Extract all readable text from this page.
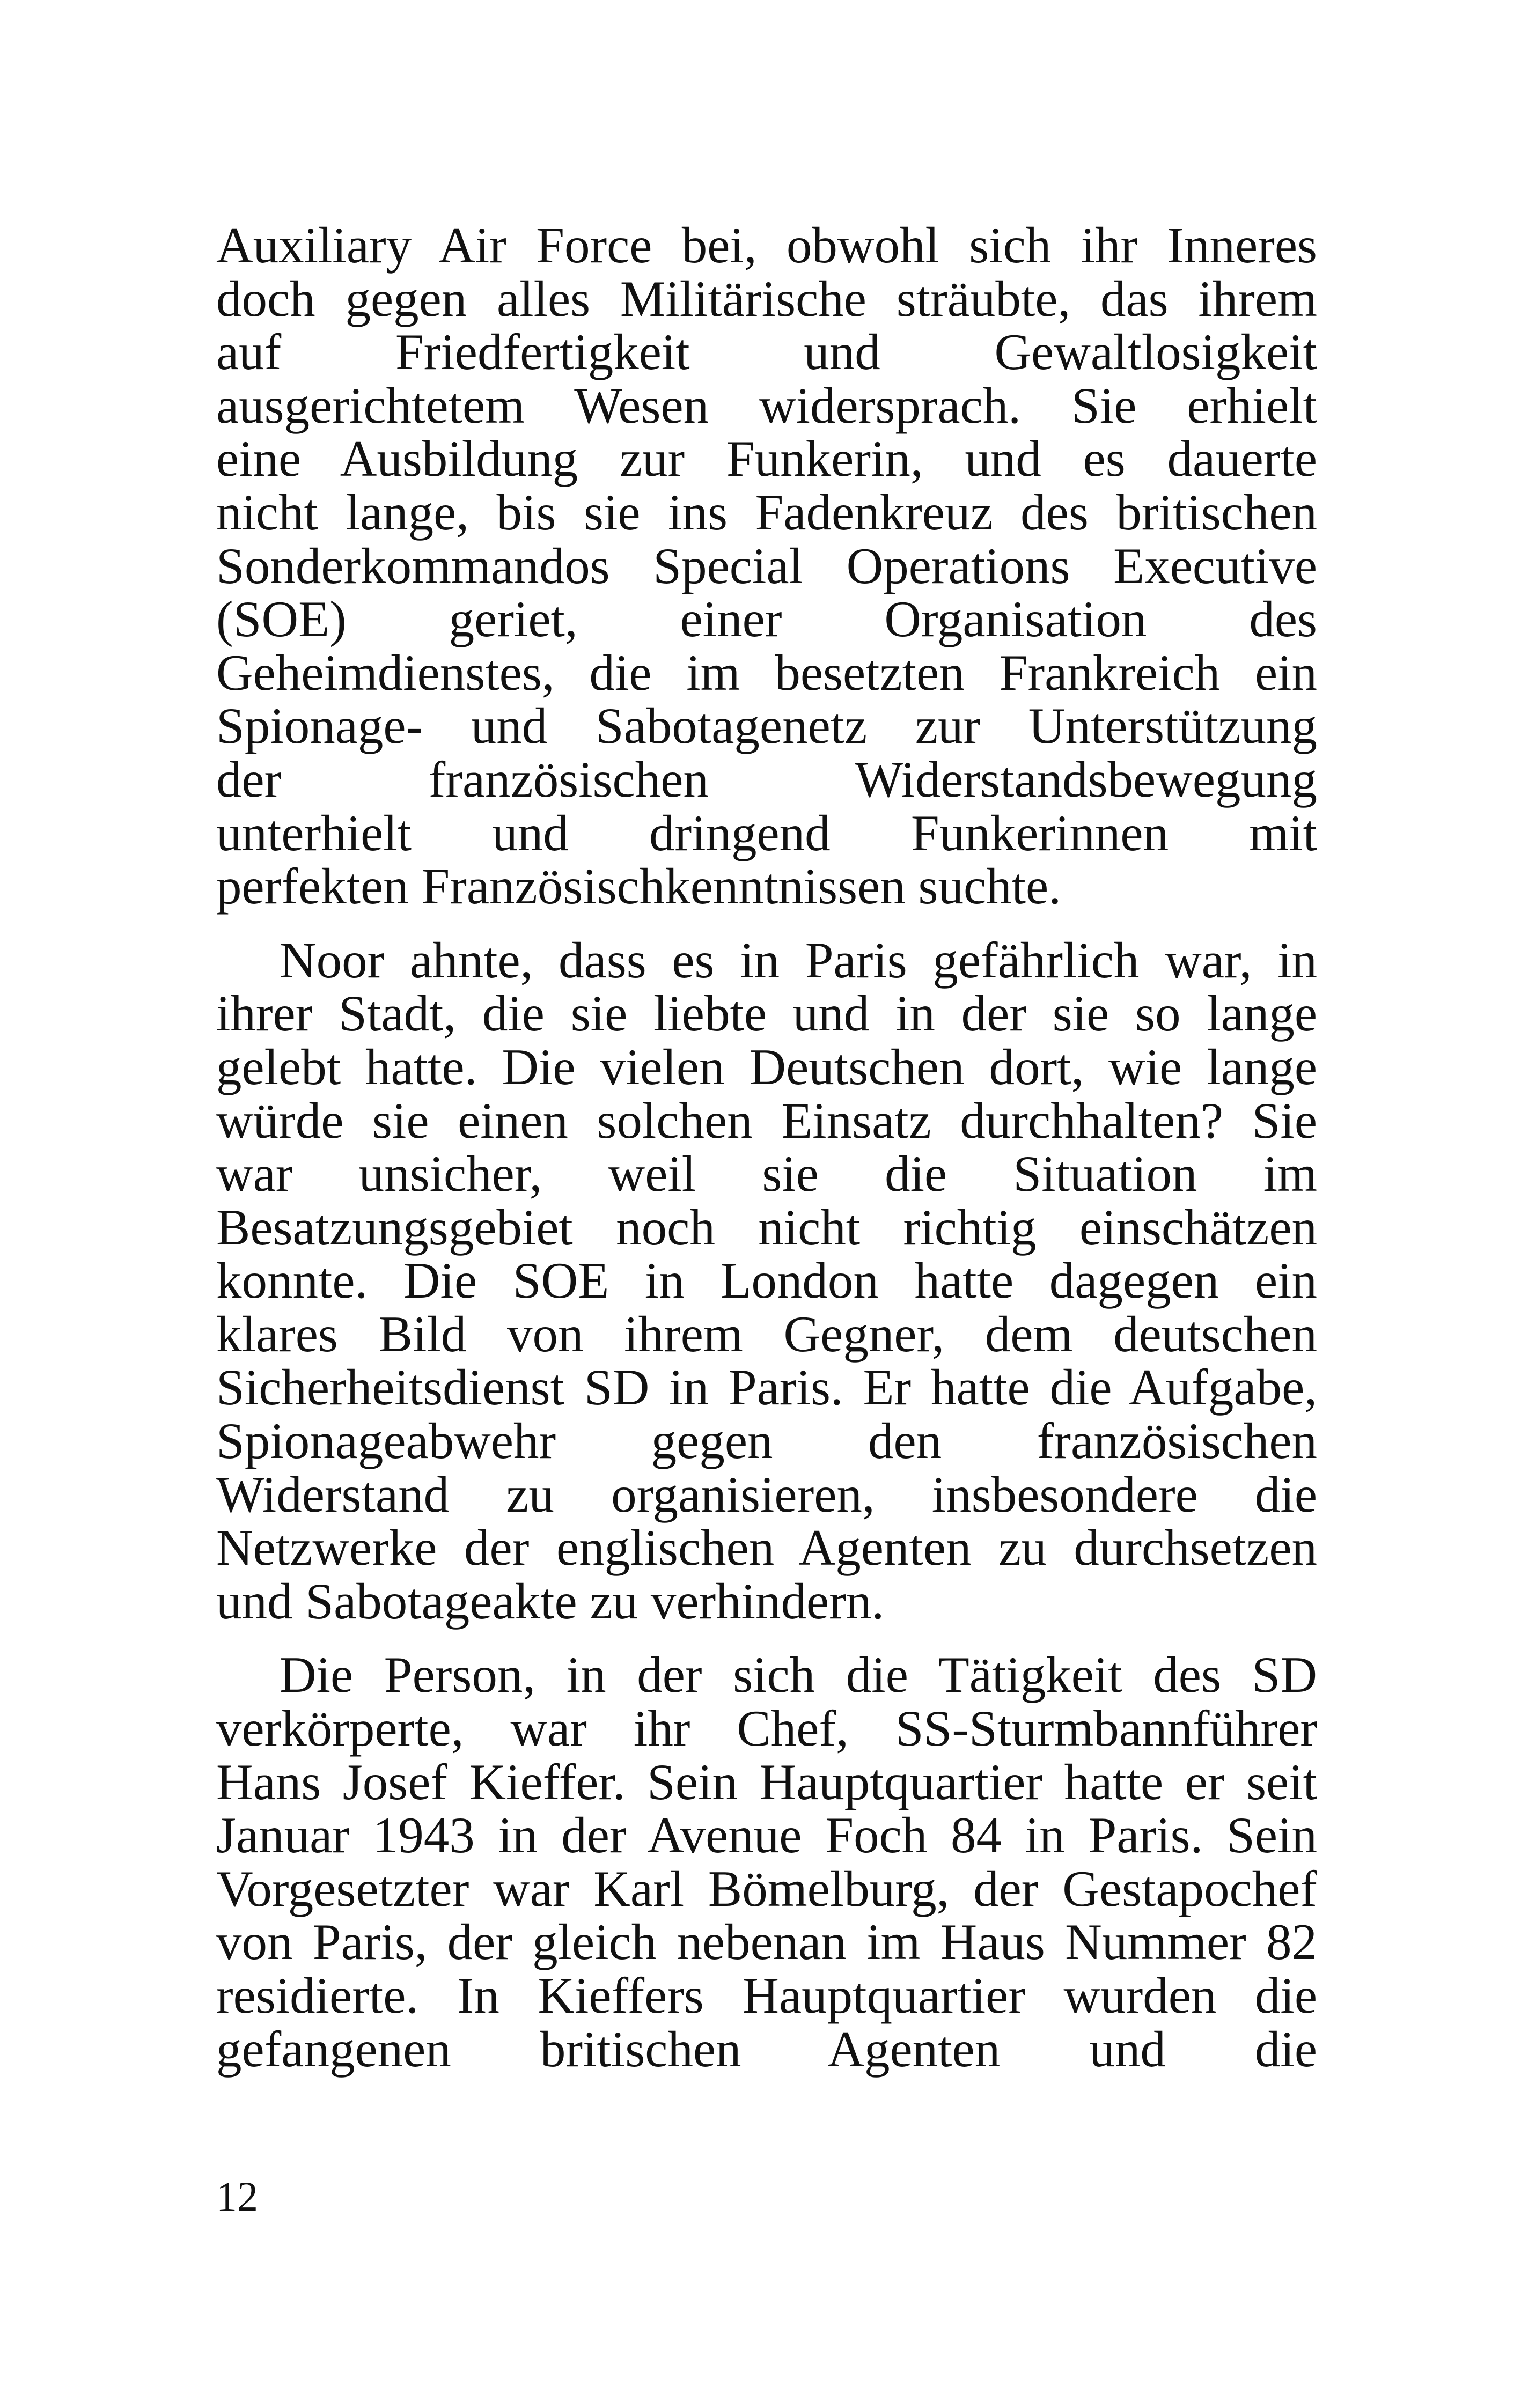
Auxiliary Air Force bei, obwohl sich ihr Inneres
doch gegen alles Militärische sträubte, das ihrem
auf Friedfertigkeit und Gewaltlosigkeit
ausgerichtetem Wesen widersprach. Sie erhielt
eine Ausbildung zur Funkerin, und es dauerte
nicht lange, bis sie ins Fadenkreuz des britischen
Sonderkommandos Special Operations Executive
(SOE) geriet, einer Organisation des
Geheimdienstes, die im besetzten Frankreich ein
Spionage- und Sabotagenetz zur Unterstützung
der französischen Widerstandsbewegung
unterhielt und dringend Funkerinnen mit
perfekten Französischkenntnissen suchte.
Noor ahnte, dass es in Paris gefährlich war, in
ihrer Stadt, die sie liebte und in der sie so lange
gelebt hatte. Die vielen Deutschen dort, wie lange
würde sie einen solchen Einsatz durchhalten? Sie
war unsicher, weil sie die Situation im
Besatzungsgebiet noch nicht richtig einschätzen
konnte. Die SOE in London hatte dagegen ein
klares Bild von ihrem Gegner, dem deutschen
Sicherheitsdienst SD in Paris. Er hatte die Aufgabe,
Spionageabwehr gegen den französischen
Widerstand zu organisieren, insbesondere die
Netzwerke der englischen Agenten zu durchsetzen
und Sabotageakte zu verhindern.
Die Person, in der sich die Tätigkeit des SD
verkörperte, war ihr Chef, SS-Sturmbannführer
Hans Josef Kieffer. Sein Hauptquartier hatte er seit
Januar 1943 in der Avenue Foch 84 in Paris. Sein
Vorgesetzter war Karl Bömelburg, der Gestapochef
von Paris, der gleich nebenan im Haus Nummer 82
residierte. In Kieffers Hauptquartier wurden die
gefangenen britischen Agenten und die
12
